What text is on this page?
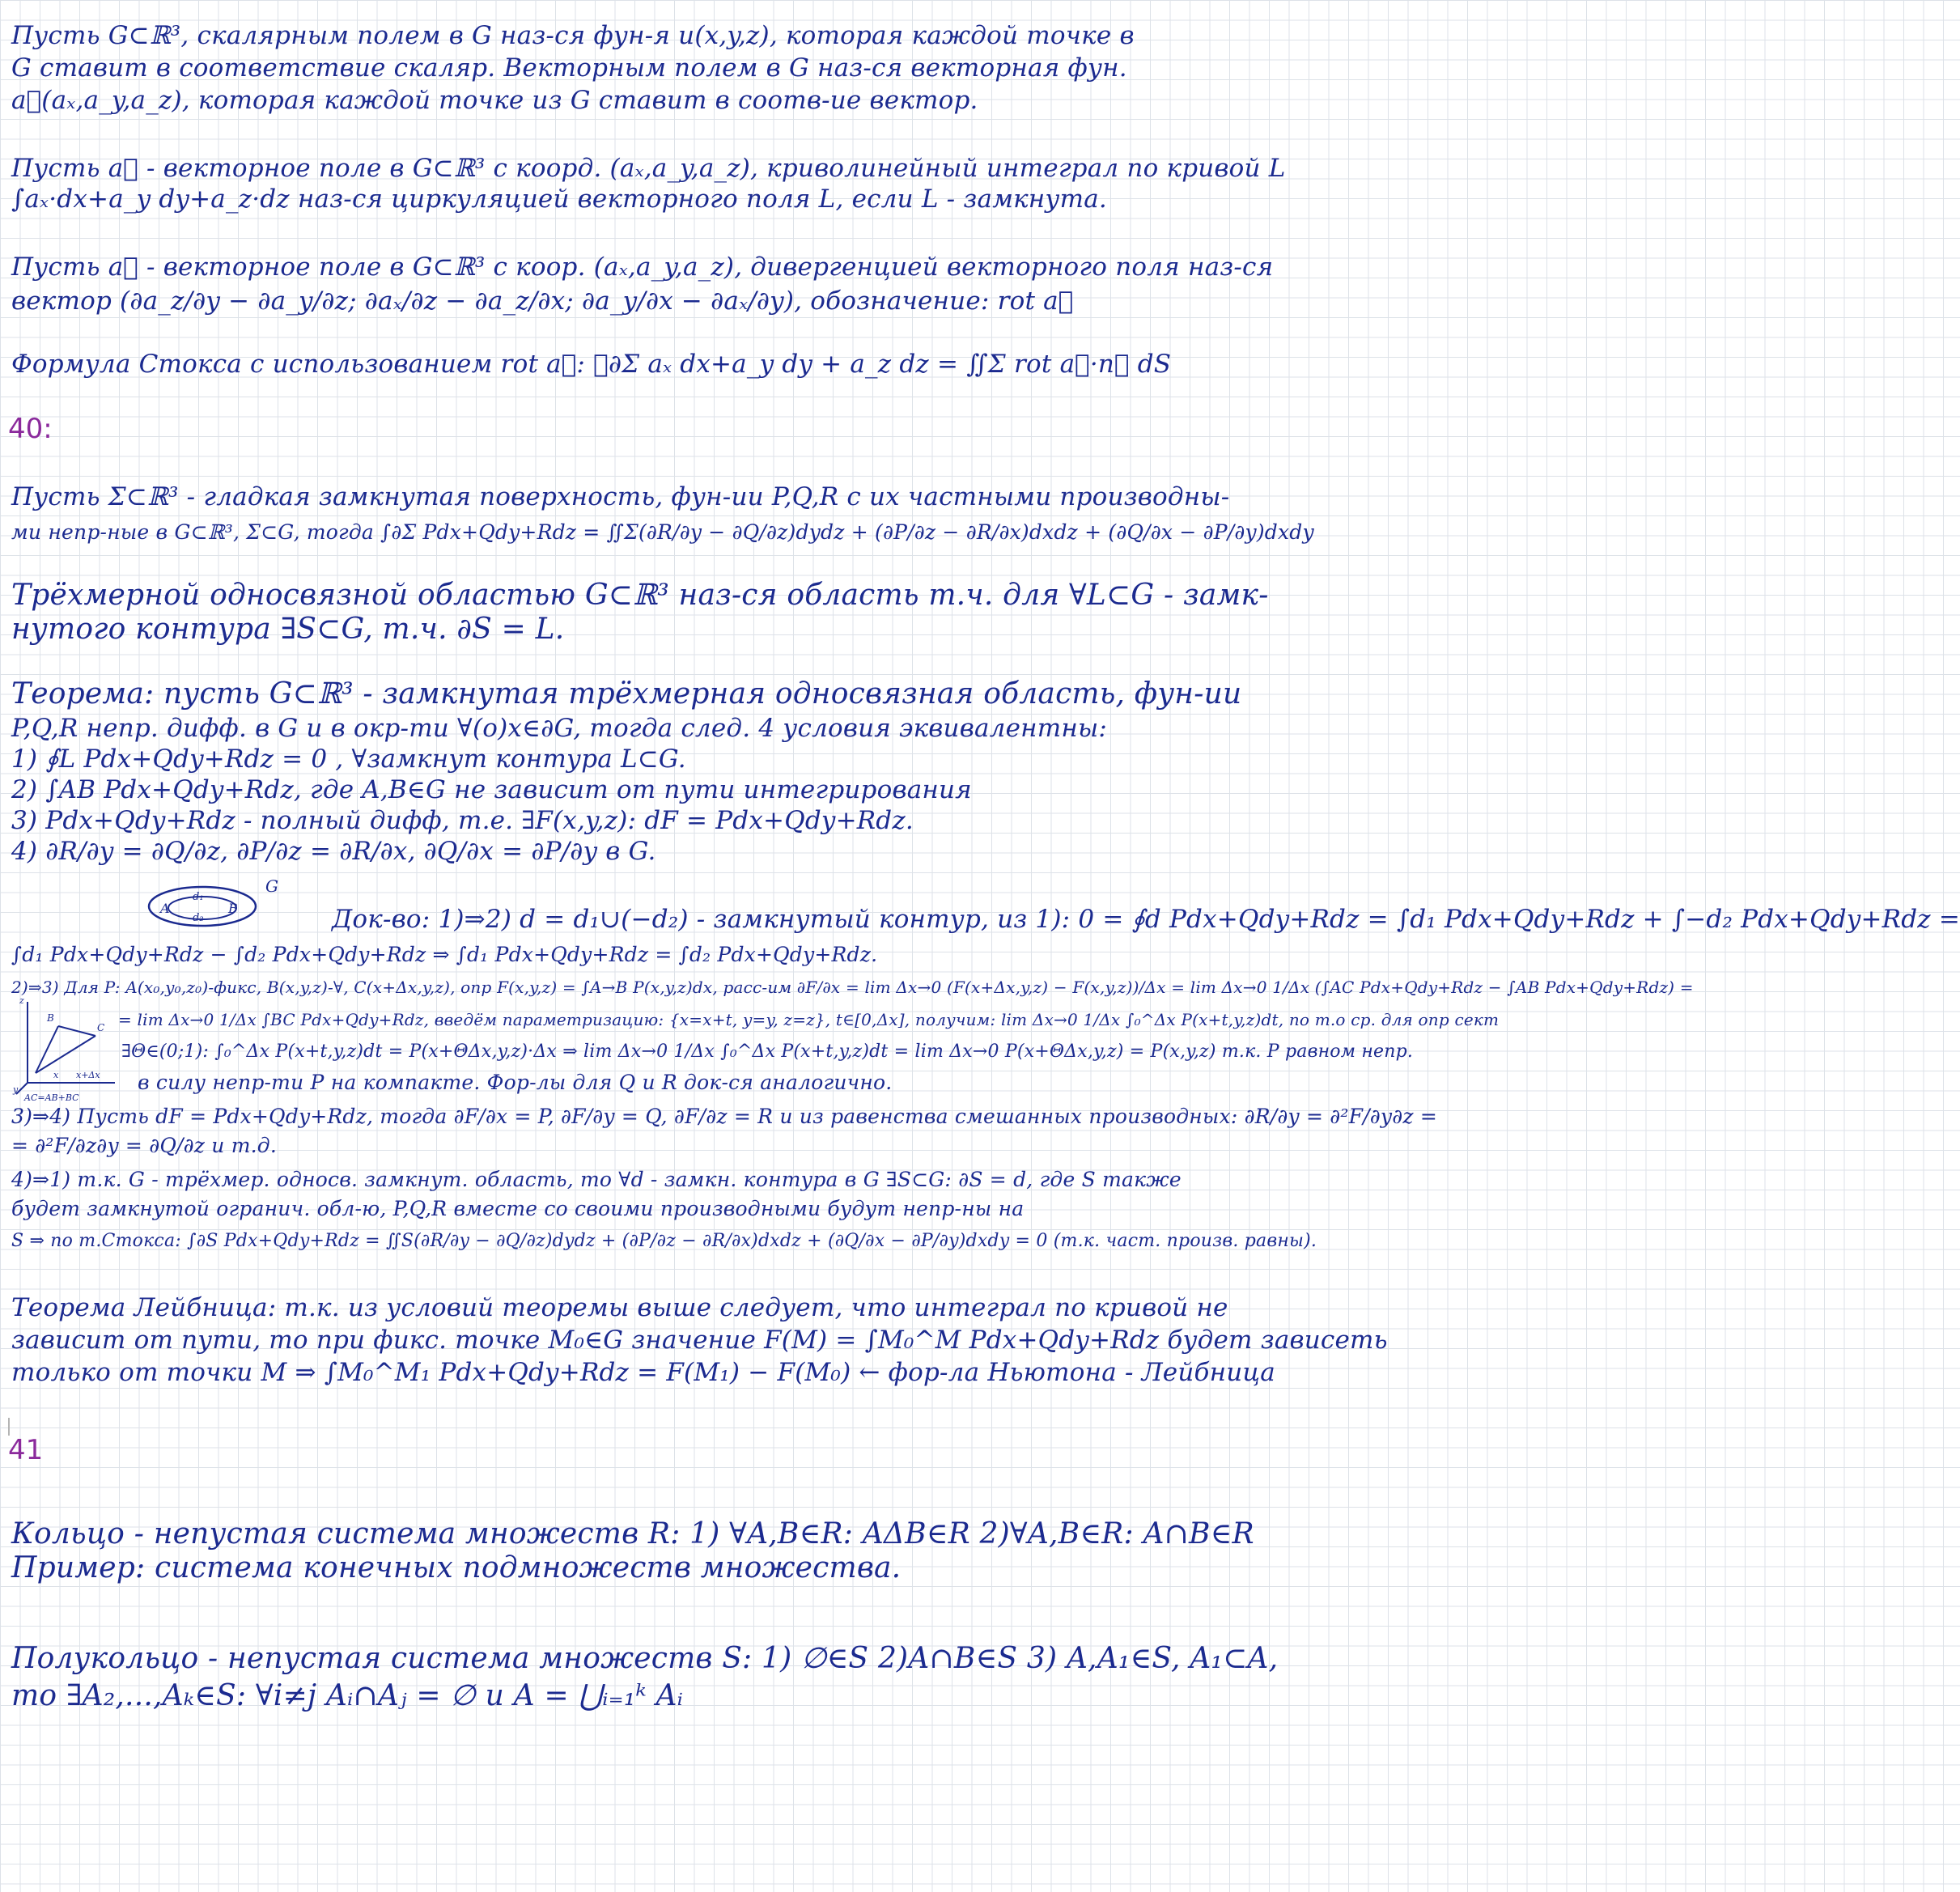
Пусть G⊂ℝ³, скалярным полем в G наз-ся фун-я u(x,y,z), которая каждой точке в
G ставит в соответствие скаляр. Векторным полем в G наз-ся векторная фун.
a⃗(aₓ,a_y,a_z), которая каждой точке из G ставит в соотв-ие вектор.
Пусть a⃗ - векторное поле в G⊂ℝ³ с коорд. (aₓ,a_y,a_z), криволинейный интеграл по кривой L
∫aₓ·dx+a_y dy+a_z·dz наз-ся циркуляцией векторного поля L, если L - замкнута.
Пусть a⃗ - векторное поле в G⊂ℝ³ с коор. (aₓ,a_y,a_z), дивергенцией векторного поля наз-ся
вектор (∂a_z/∂y − ∂a_y/∂z; ∂aₓ/∂z − ∂a_z/∂x; ∂a_y/∂x − ∂aₓ/∂y), обозначение: rot a⃗
Формула Стокса с использованием rot a⃗: ∮∂Σ aₓ dx+a_y dy + a_z dz = ∬Σ rot a⃗·n⃗ dS
40:
Пусть Σ⊂ℝ³ - гладкая замкнутая поверхность, фун-ии P,Q,R с их частными производны-
ми непр-ные в G⊂ℝ³, Σ⊂G, тогда ∫∂Σ Pdx+Qdy+Rdz = ∬Σ(∂R/∂y − ∂Q/∂z)dydz + (∂P/∂z − ∂R/∂x)dxdz + (∂Q/∂x − ∂P/∂y)dxdy
Трёхмерной односвязной областью G⊂ℝ³ наз-ся область т.ч. для ∀L⊂G - замк-
нутого контура ∃S⊂G, т.ч. ∂S = L.
Теорема: пусть G⊂ℝ³ - замкнутая трёхмерная односвязная область, фун-ии
P,Q,R непр. дифф. в G и в окр-ти ∀(o)x∈∂G, тогда след. 4 условия эквивалентны:
1) ∮L Pdx+Qdy+Rdz = 0 , ∀замкнут контура L⊂G.
2) ∫AB Pdx+Qdy+Rdz, где A,B∈G не зависит от пути интегрирования
3) Pdx+Qdy+Rdz - полный дифф, т.е. ∃F(x,y,z): dF = Pdx+Qdy+Rdz.
4) ∂R/∂y = ∂Q/∂z, ∂P/∂z = ∂R/∂x, ∂Q/∂x = ∂P/∂y в G.
A
d₁
d₂
B
G
Док-во: 1)⇒2) d = d₁∪(−d₂) - замкнутый контур, из 1): 0 = ∮d Pdx+Qdy+Rdz = ∫d₁ Pdx+Qdy+Rdz + ∫−d₂ Pdx+Qdy+Rdz =
∫d₁ Pdx+Qdy+Rdz − ∫d₂ Pdx+Qdy+Rdz ⇒ ∫d₁ Pdx+Qdy+Rdz = ∫d₂ Pdx+Qdy+Rdz.
2)⇒3) Для P: A(x₀,y₀,z₀)-фикс, B(x,y,z)-∀, C(x+Δx,y,z), опр F(x,y,z) = ∫A→B P(x,y,z)dx, расс-им ∂F/∂x = lim Δx→0 (F(x+Δx,y,z) − F(x,y,z))/Δx = lim Δx→0 1/Δx (∫AC Pdx+Qdy+Rdz − ∫AB Pdx+Qdy+Rdz) =
B
C
x x+Δx
z
y
AC=AB+BC
= lim Δx→0 1/Δx ∫BC Pdx+Qdy+Rdz, введём параметризацию: {x=x+t, y=y, z=z}, t∈[0,Δx], получим: lim Δx→0 1/Δx ∫₀^Δx P(x+t,y,z)dt, по т.о ср. для опр сект
∃Θ∈(0;1): ∫₀^Δx P(x+t,y,z)dt = P(x+ΘΔx,y,z)·Δx ⇒ lim Δx→0 1/Δx ∫₀^Δx P(x+t,y,z)dt = lim Δx→0 P(x+ΘΔx,y,z) = P(x,y,z) т.к. P равном непр.
в силу непр-ти P на компакте. Фор-лы для Q и R док-ся аналогично.
3)⇒4) Пусть dF = Pdx+Qdy+Rdz, тогда ∂F/∂x = P, ∂F/∂y = Q, ∂F/∂z = R и из равенства смешанных производных: ∂R/∂y = ∂²F/∂y∂z =
= ∂²F/∂z∂y = ∂Q/∂z и т.д.
4)⇒1) т.к. G - трёхмер. односв. замкнут. область, то ∀d - замкн. контура в G ∃S⊂G: ∂S = d, где S также
будет замкнутой огранич. обл-ю, P,Q,R вместе со своими производными будут непр-ны на
S ⇒ по т.Стокса: ∫∂S Pdx+Qdy+Rdz = ∬S(∂R/∂y − ∂Q/∂z)dydz + (∂P/∂z − ∂R/∂x)dxdz + (∂Q/∂x − ∂P/∂y)dxdy = 0 (т.к. част. произв. равны).
Теорема Лейбница: т.к. из условий теоремы выше следует, что интеграл по кривой не
зависит от пути, то при фикс. точке M₀∈G значение F(M) = ∫M₀^M Pdx+Qdy+Rdz будет зависеть
только от точки M ⇒ ∫M₀^M₁ Pdx+Qdy+Rdz = F(M₁) − F(M₀) ← фор-ла Ньютона - Лейбница
41
Кольцо - непустая система множеств R: 1) ∀A,B∈R: AΔB∈R 2)∀A,B∈R: A∩B∈R
Пример: система конечных подмножеств множества.
Полукольцо - непустая система множеств S: 1) ∅∈S 2)A∩B∈S 3) A,A₁∈S, A₁⊂A,
то ∃A₂,...,Aₖ∈S: ∀i≠j Aᵢ∩Aⱼ = ∅ и A = ⋃ᵢ₌₁ᵏ Aᵢ
